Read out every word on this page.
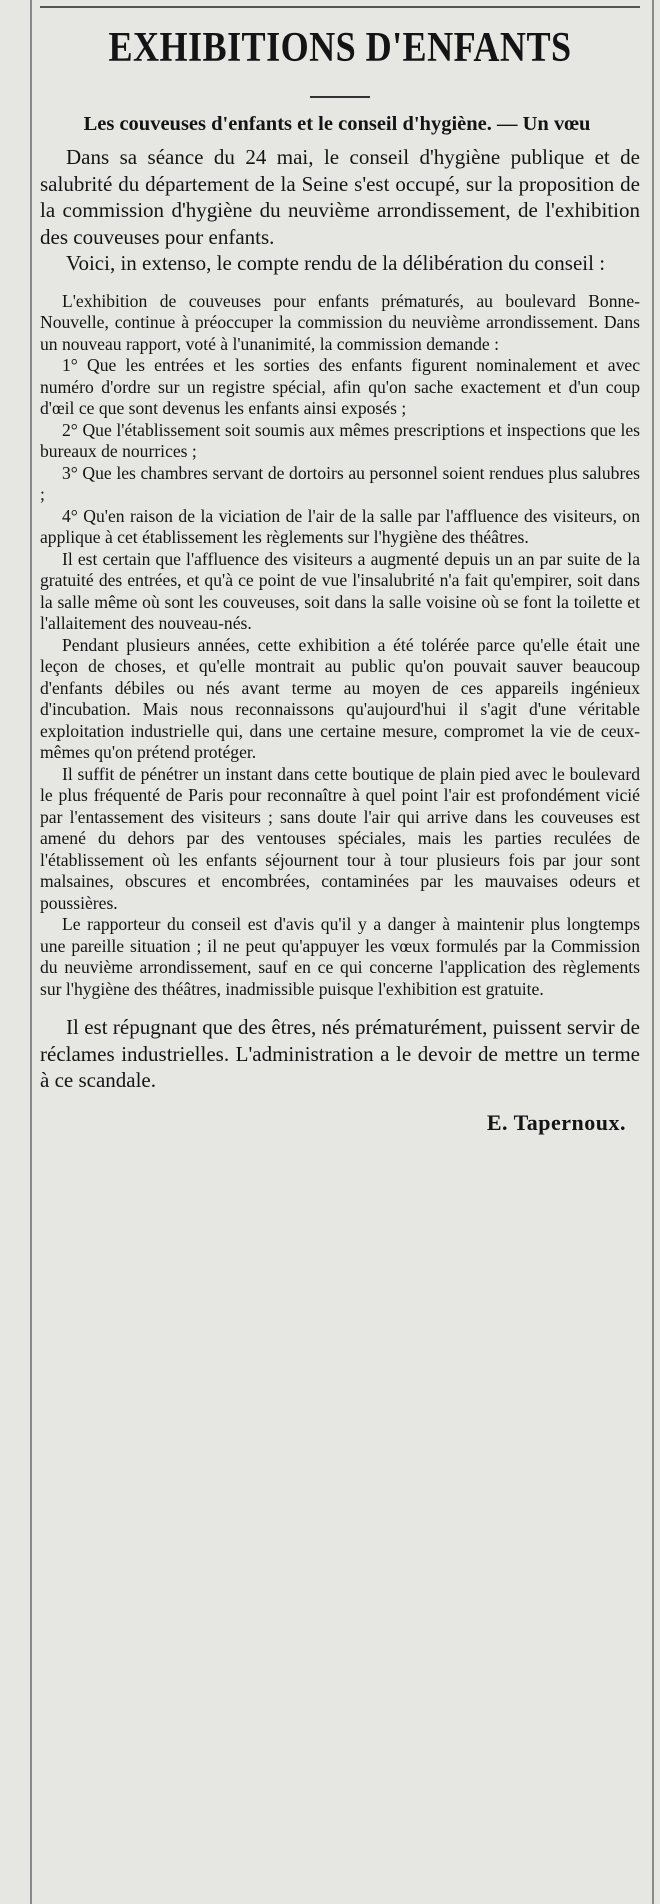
EXHIBITIONS D'ENFANTS
Les couveuses d'enfants et le conseil d'hygiène. — Un vœu

Dans sa séance du 24 mai, le conseil d'hygiène publique et de salubrité du département de la Seine s'est occupé, sur la proposition de la commission d'hygiène du neuvième arrondissement, de l'exhibition des couveuses pour enfants.

Voici, in extenso, le compte rendu de la délibération du conseil :

L'exhibition de couveuses pour enfants prématurés, au boulevard Bonne-Nouvelle, continue à préoccuper la commission du neuvième arrondissement. Dans un nouveau rapport, voté à l'unanimité, la commission demande :

1° Que les entrées et les sorties des enfants figurent nominalement et avec numéro d'ordre sur un registre spécial, afin qu'on sache exactement et d'un coup d'œil ce que sont devenus les enfants ainsi exposés ;

2° Que l'établissement soit soumis aux mêmes prescriptions et inspections que les bureaux de nourrices ;

3° Que les chambres servant de dortoirs au personnel soient rendues plus salubres ;

4° Qu'en raison de la viciation de l'air de la salle par l'affluence des visiteurs, on applique à cet établissement les règlements sur l'hygiène des théâtres.

Il est certain que l'affluence des visiteurs a augmenté depuis un an par suite de la gratuité des entrées, et qu'à ce point de vue l'insalubrité n'a fait qu'empirer, soit dans la salle même où sont les couveuses, soit dans la salle voisine où se font la toilette et l'allaitement des nouveau-nés.

Pendant plusieurs années, cette exhibition a été tolérée parce qu'elle était une leçon de choses, et qu'elle montrait au public qu'on pouvait sauver beaucoup d'enfants débiles ou nés avant terme au moyen de ces appareils ingénieux d'incubation. Mais nous reconnaissons qu'aujourd'hui il s'agit d'une véritable exploitation industrielle qui, dans une certaine mesure, compromet la vie de ceux-mêmes qu'on prétend protéger.

Il suffit de pénétrer un instant dans cette boutique de plain pied avec le boulevard le plus fréquenté de Paris pour reconnaître à quel point l'air est profondément vicié par l'entassement des visiteurs ; sans doute l'air qui arrive dans les couveuses est amené du dehors par des ventouses spéciales, mais les parties reculées de l'établissement où les enfants séjournent tour à tour plusieurs fois par jour sont malsaines, obscures et encombrées, contaminées par les mauvaises odeurs et poussières.

Le rapporteur du conseil est d'avis qu'il y a danger à maintenir plus longtemps une pareille situation ; il ne peut qu'appuyer les vœux formulés par la Commission du neuvième arrondissement, sauf en ce qui concerne l'application des règlements sur l'hygiène des théâtres, inadmissible puisque l'exhibition est gratuite.

Il est répugnant que des êtres, nés prématurément, puissent servir de réclames industrielles. L'administration a le devoir de mettre un terme à ce scandale.

E. Tapernoux.
